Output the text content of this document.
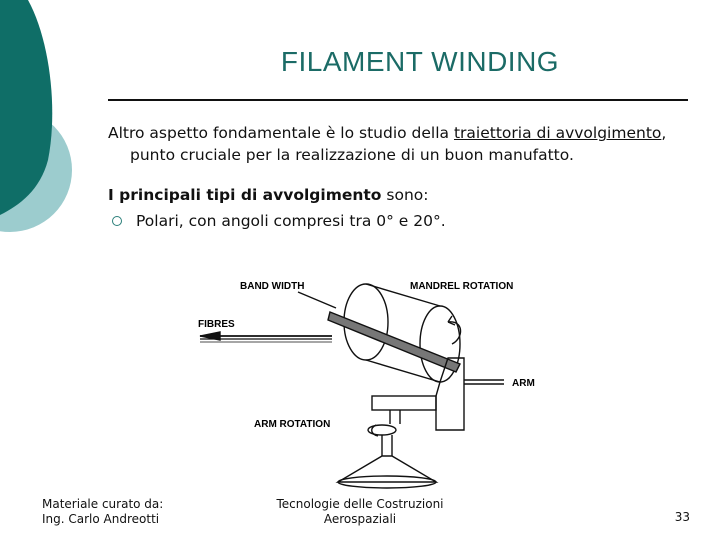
FILAMENT WINDING

Altro aspetto fondamentale è lo studio della traiettoria di avvolgimento, punto cruciale per la realizzazione di un buon manufatto.

I principali tipi di avvolgimento sono:

Polari, con angoli compresi tra 0° e 20°.
BAND WIDTH	MANDREL ROTATION
FIBRES
ARM
ARM ROTATION
Materiale curato da:
Ing. Carlo Andreotti
Tecnologie delle Costruzioni
Aerospaziali	33
